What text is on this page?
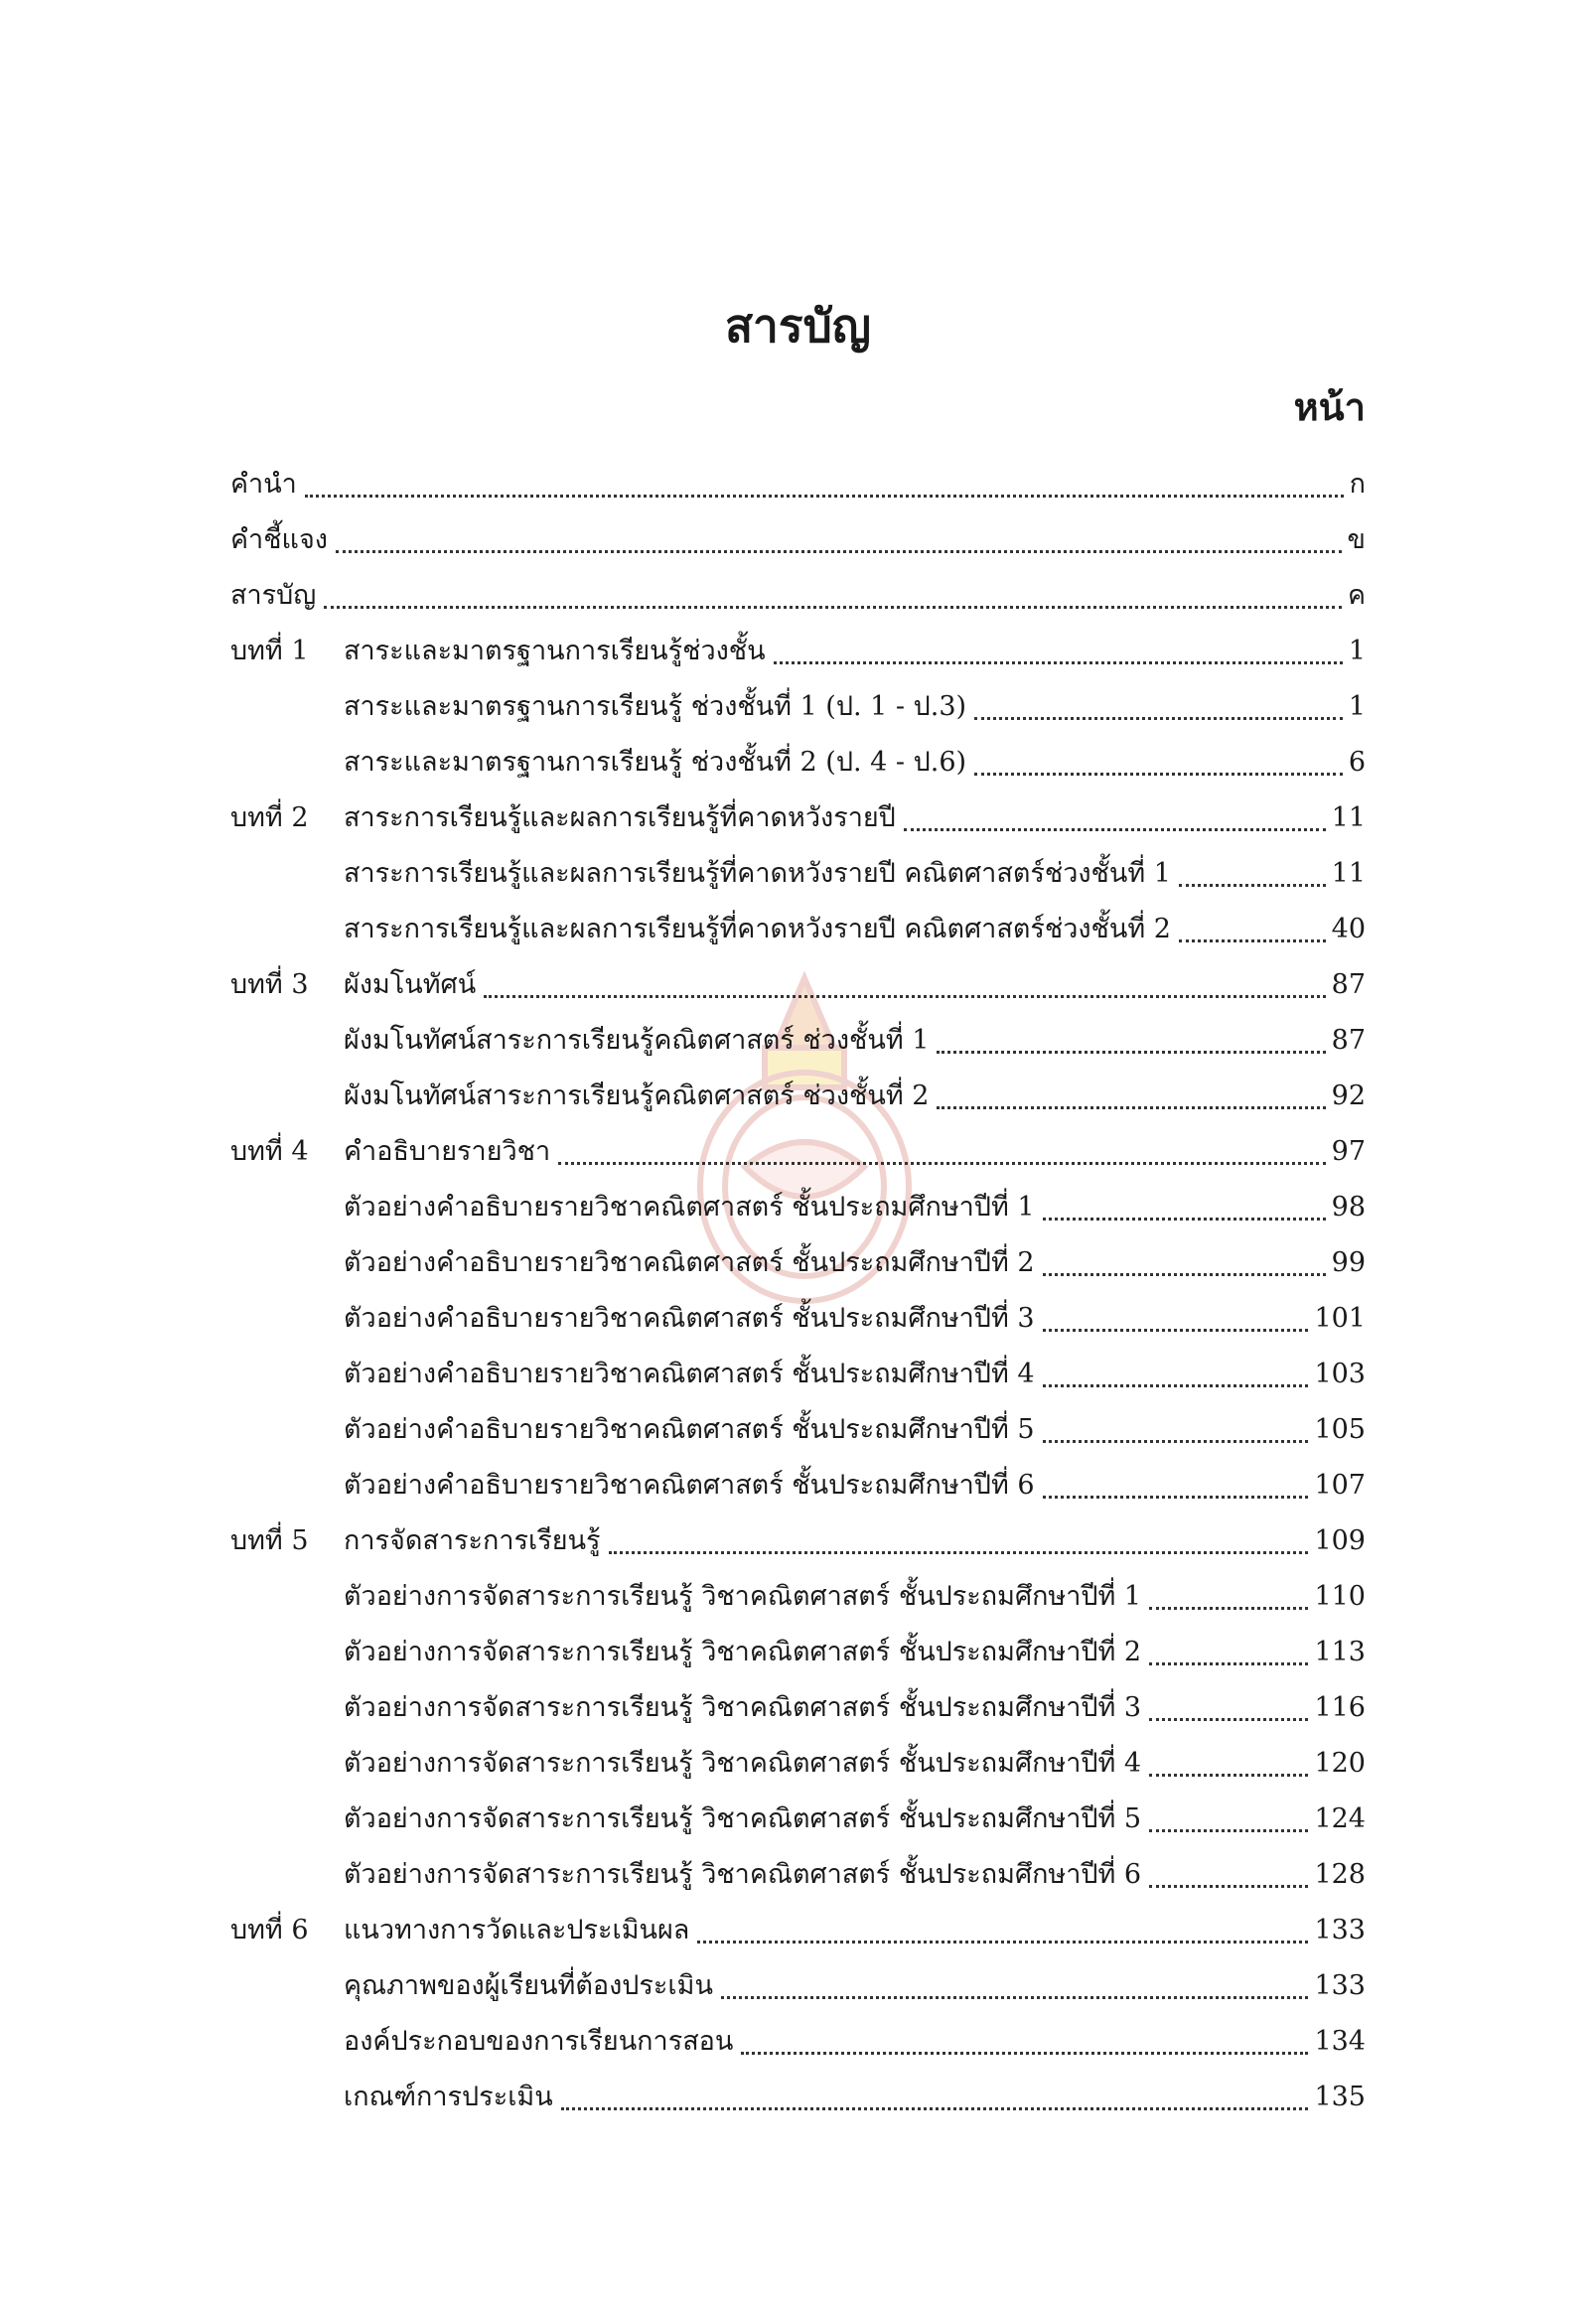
สารบัญ
หน้า
คำนำ	ก
คำชี้แจง	ข
สารบัญ	ค
บทที่ 1	สาระและมาตรฐานการเรียนรู้ช่วงชั้น	1
สาระและมาตรฐานการเรียนรู้ ช่วงชั้นที่ 1 (ป. 1 - ป.3)	1
สาระและมาตรฐานการเรียนรู้ ช่วงชั้นที่ 2 (ป. 4 - ป.6)	6
บทที่ 2	สาระการเรียนรู้และผลการเรียนรู้ที่คาดหวังรายปี	11
สาระการเรียนรู้และผลการเรียนรู้ที่คาดหวังรายปี คณิตศาสตร์ช่วงชั้นที่ 1	11
สาระการเรียนรู้และผลการเรียนรู้ที่คาดหวังรายปี คณิตศาสตร์ช่วงชั้นที่ 2	40
บทที่ 3	ผังมโนทัศน์	87
ผังมโนทัศน์สาระการเรียนรู้คณิตศาสตร์ ช่วงชั้นที่ 1	87
ผังมโนทัศน์สาระการเรียนรู้คณิตศาสตร์ ช่วงชั้นที่ 2	92
บทที่ 4	คำอธิบายรายวิชา	97
ตัวอย่างคำอธิบายรายวิชาคณิตศาสตร์ ชั้นประถมศึกษาปีที่ 1	98
ตัวอย่างคำอธิบายรายวิชาคณิตศาสตร์ ชั้นประถมศึกษาปีที่ 2	99
ตัวอย่างคำอธิบายรายวิชาคณิตศาสตร์ ชั้นประถมศึกษาปีที่ 3	101
ตัวอย่างคำอธิบายรายวิชาคณิตศาสตร์ ชั้นประถมศึกษาปีที่ 4	103
ตัวอย่างคำอธิบายรายวิชาคณิตศาสตร์ ชั้นประถมศึกษาปีที่ 5	105
ตัวอย่างคำอธิบายรายวิชาคณิตศาสตร์ ชั้นประถมศึกษาปีที่ 6	107
บทที่ 5	การจัดสาระการเรียนรู้	109
ตัวอย่างการจัดสาระการเรียนรู้ วิชาคณิตศาสตร์ ชั้นประถมศึกษาปีที่ 1	110
ตัวอย่างการจัดสาระการเรียนรู้ วิชาคณิตศาสตร์ ชั้นประถมศึกษาปีที่ 2	113
ตัวอย่างการจัดสาระการเรียนรู้ วิชาคณิตศาสตร์ ชั้นประถมศึกษาปีที่ 3	116
ตัวอย่างการจัดสาระการเรียนรู้ วิชาคณิตศาสตร์ ชั้นประถมศึกษาปีที่ 4	120
ตัวอย่างการจัดสาระการเรียนรู้ วิชาคณิตศาสตร์ ชั้นประถมศึกษาปีที่ 5	124
ตัวอย่างการจัดสาระการเรียนรู้ วิชาคณิตศาสตร์ ชั้นประถมศึกษาปีที่ 6	128
บทที่ 6	แนวทางการวัดและประเมินผล	133
คุณภาพของผู้เรียนที่ต้องประเมิน	133
องค์ประกอบของการเรียนการสอน	134
เกณฑ์การประเมิน	135
